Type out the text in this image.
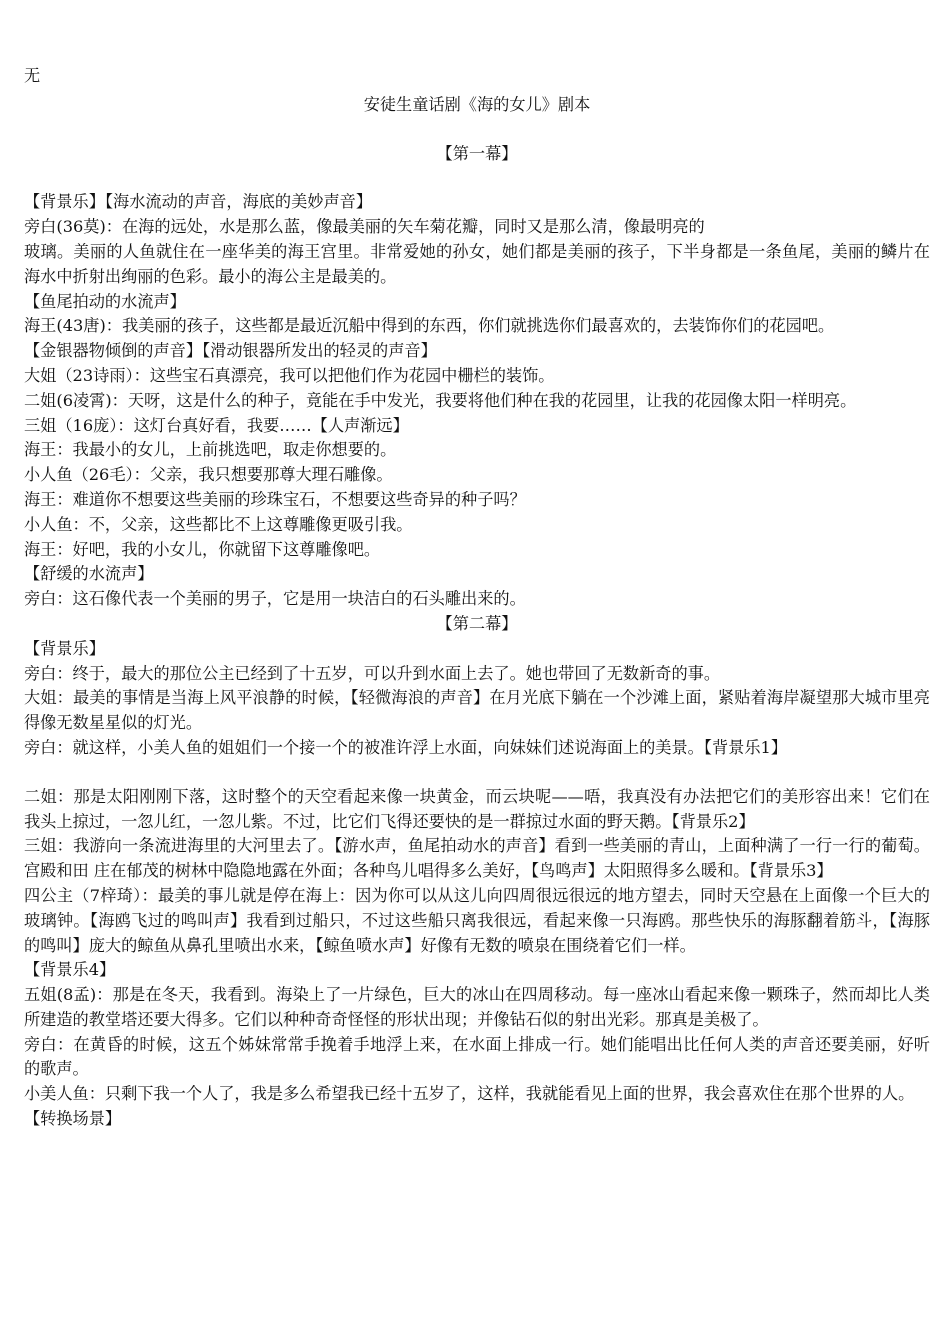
无

安徒生童话剧《海的女儿》剧本

【第一幕】

【背景乐】【海水流动的声音，海底的美妙声音】

旁白(36莫)：在海的远处，水是那么蓝，像最美丽的矢车菊花瓣，同时又是那么清，像最明亮的

玻璃。美丽的人鱼就住在一座华美的海王宫里。非常爱她的孙女，她们都是美丽的孩子，下半身都是一条鱼尾，美丽的鳞片在海水中折射出绚丽的色彩。最小的海公主是最美的。

【鱼尾拍动的水流声】

海王(43唐)：我美丽的孩子，这些都是最近沉船中得到的东西，你们就挑选你们最喜欢的，去装饰你们的花园吧。

【金银器物倾倒的声音】【滑动银器所发出的轻灵的声音】

大姐（23诗雨）：这些宝石真漂亮，我可以把他们作为花园中栅栏的装饰。

二姐(6凌霄)：天呀，这是什么的种子，竟能在手中发光，我要将他们种在我的花园里，让我的花园像太阳一样明亮。

三姐（16庞）：这灯台真好看，我要……【人声渐远】

海王：我最小的女儿，上前挑选吧，取走你想要的。

小人鱼（26毛）：父亲，我只想要那尊大理石雕像。

海王：难道你不想要这些美丽的珍珠宝石，不想要这些奇异的种子吗？

小人鱼：不，父亲，这些都比不上这尊雕像更吸引我。

海王：好吧，我的小女儿，你就留下这尊雕像吧。

【舒缓的水流声】

旁白：这石像代表一个美丽的男子，它是用一块洁白的石头雕出来的。

【第二幕】

【背景乐】

旁白：终于，最大的那位公主已经到了十五岁，可以升到水面上去了。她也带回了无数新奇的事。

大姐：最美的事情是当海上风平浪静的时候，【轻微海浪的声音】在月光底下躺在一个沙滩上面，紧贴着海岸凝望那大城市里亮得像无数星星似的灯光。

旁白：就这样，小美人鱼的姐姐们一个接一个的被准许浮上水面，向妹妹们述说海面上的美景。【背景乐1】

二姐：那是太阳刚刚下落，这时整个的天空看起来像一块黄金，而云块呢——唔，我真没有办法把它们的美形容出来！它们在我头上掠过，一忽儿红，一忽儿紫。不过，比它们飞得还要快的是一群掠过水面的野天鹅。【背景乐2】

三姐：我游向一条流进海里的大河里去了。【游水声，鱼尾拍动水的声音】看到一些美丽的青山，上面种满了一行一行的葡萄。宫殿和田 庄在郁茂的树林中隐隐地露在外面；各种鸟儿唱得多么美好，【鸟鸣声】太阳照得多么暖和。【背景乐3】

四公主（7梓琦）：最美的事儿就是停在海上：因为你可以从这儿向四周很远很远的地方望去，同时天空悬在上面像一个巨大的玻璃钟。【海鸥飞过的鸣叫声】我看到过船只，不过这些船只离我很远，看起来像一只海鸥。那些快乐的海豚翻着筋斗，【海豚的鸣叫】庞大的鲸鱼从鼻孔里喷出水来，【鲸鱼喷水声】好像有无数的喷泉在围绕着它们一样。

【背景乐4】

五姐(8孟)：那是在冬天，我看到。海染上了一片绿色，巨大的冰山在四周移动。每一座冰山看起来像一颗珠子，然而却比人类所建造的教堂塔还要大得多。它们以种种奇奇怪怪的形状出现；并像钻石似的射出光彩。那真是美极了。

旁白：在黄昏的时候，这五个姊妹常常手挽着手地浮上来，在水面上排成一行。她们能唱出比任何人类的声音还要美丽，好听的歌声。

小美人鱼：只剩下我一个人了，我是多么希望我已经十五岁了，这样，我就能看见上面的世界，我会喜欢住在那个世界的人。

【转换场景】
